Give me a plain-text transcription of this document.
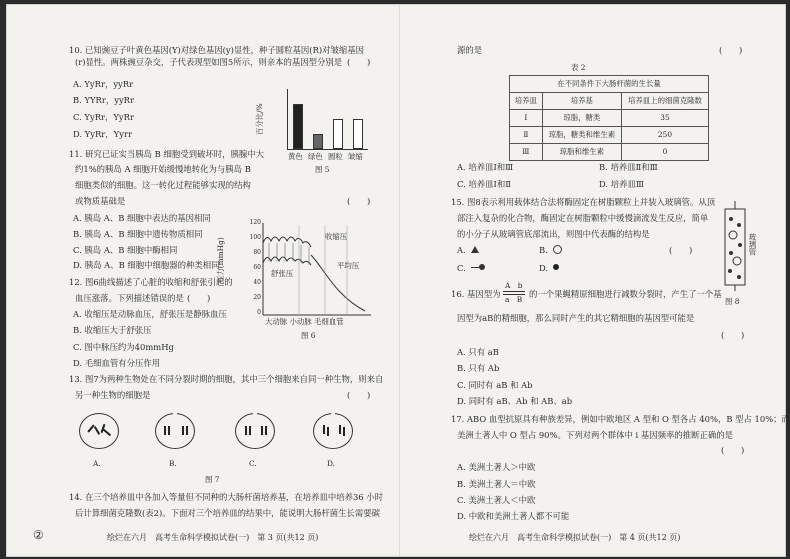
10. 已知豌豆子叶黄色基因(Y)对绿色基因(y)显性，种子圆粒基因(R)对皱缩基因
(r)显性。两株豌豆杂交，子代表现型如图5所示，则亲本的基因型分别是 (　　)
A. YyRr，yyRr
B. YYRr，yyRr
C. YyRr，YyRr
D. YyRr，Yyrr	百分比/%
黄色 绿色 圆粒 皱缩
图 5
11. 研究已证实当胰岛 B 细胞受到破坏时，胰腺中大
约1%的胰岛 A 细胞开始缓慢地转化为与胰岛 B
细胞类似的细胞。这一转化过程能够实现的结构
或物质基础是	(　　)
A. 胰岛 A、B 细胞中表达的基因相同
B. 胰岛 A、B 细胞中遗传物质相同
C. 胰岛 A、B 细胞中酶相同
D. 胰岛 A、B 细胞中细胞器的种类相同
12. 图6曲线描述了心脏的收缩和舒张引起的
血压涨落。下列描述错误的是 (　　)
A. 收缩压是动脉血压，舒张压是静脉血压
B. 收缩压大于舒张压
C. 图中脉压约为40mmHg
D. 毛细血管有分压作用
压力(mmHg)
120
100
80
60
40
20
0
收缩压
平均压
舒张压
大动脉 小动脉 毛细血管
图 6
13. 图7为两种生物处在不同分裂时期的细胞，其中三个细胞来自同一种生物，则来自
另一种生物的细胞是	(　　)
A.	B.	C.	D.
图 7
14. 在三个培养皿中各加入等量但不同种的大肠杆菌培养基，在培养皿中培养36 小时
后计算细菌克隆数(表2)。下面对三个培养皿的结果中，能说明大肠杆菌生长需要碳
②	绘烂在六月　高考生命科学模拟试卷(一)　第 3 页(共12 页)
源的是	(　　)
表 2
在不同条件下大肠杆菌的生长量		
培养皿	培养基	培养皿上的细菌克隆数
Ⅰ	琼脂，糖类	35
Ⅱ	琼脂，糖类和维生素	250
Ⅲ	琼脂和维生素	0
A. 培养皿Ⅰ和Ⅲ	B. 培养皿Ⅱ和Ⅲ
C. 培养皿Ⅰ和Ⅱ	D. 培养皿Ⅲ
15. 图8表示利用载体结合法将酶固定在树脂颗粒上并装入玻璃管。从顶
部注入复杂的化合物，酶固定在树脂颗粒中缓慢滴流发生反应，简单
的小分子从玻璃管底部流出，则图中代表酶的结构是
(　　)
A.	B.
C.	D.
玻璃管
图 8
16. 基因型为
A　b
a　B
的一个果蝇精原细胞进行减数分裂时，产生了一个基
因型为aB的精细胞，那么同时产生的其它精细胞的基因型可能是
(　　)
A. 只有 aB
B. 只有 Ab
C. 同时有 aB 和 Ab
D. 同时有 aB、Ab 和 AB、ab
17. ABO 血型抗原具有种族差异，例如中欧地区 A 型和 O 型各占 40%，B 型占 10%；而
美洲土著人中 O 型占 90%。下列对两个群体中 i 基因频率的推断正确的是
(　　)
A. 美洲土著人＞中欧
B. 美洲土著人＝中欧
C. 美洲土著人＜中欧
D. 中欧和美洲土著人都不可能
绘烂在六月　高考生命科学模拟试卷(一)　第 4 页(共12 页)
